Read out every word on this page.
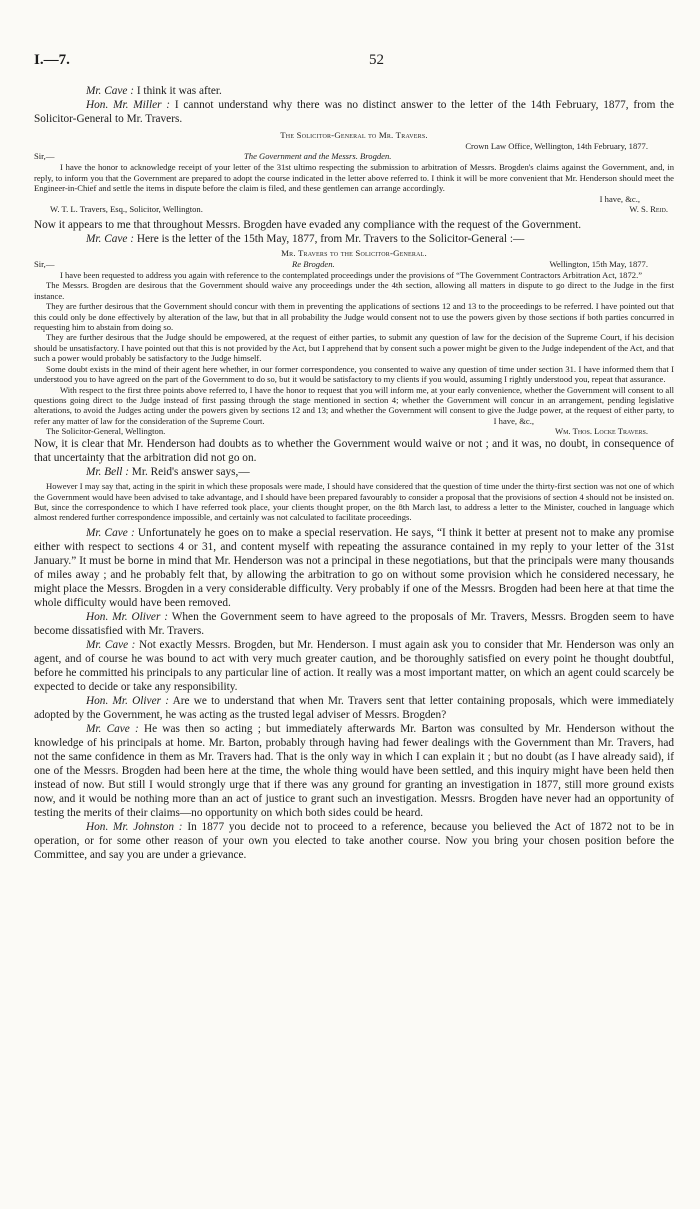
I.—7.	52

Mr. Cave : I think it was after.

Hon. Mr. Miller : I cannot understand why there was no distinct answer to the letter of the 14th February, 1877, from the Solicitor-General to Mr. Travers.

The Solicitor-General to Mr. Travers.

Crown Law Office, Wellington, 14th February, 1877.

Sir,—	The Government and the Messrs. Brogden.

I have the honor to acknowledge receipt of your letter of the 31st ultimo respecting the submission to arbitration of Messrs. Brogden's claims against the Government, and, in reply, to inform you that the Government are prepared to adopt the course indicated in the letter above referred to. I think it will be more convenient that Mr. Henderson should meet the Engineer-in-Chief and settle the items in dispute before the claim is filed, and these gentlemen can arrange accordingly.

I have, &c.,

W. T. L. Travers, Esq., Solicitor, Wellington.	W. S. Reid.

Now it appears to me that throughout Messrs. Brogden have evaded any compliance with the request of the Government.

Mr. Cave : Here is the letter of the 15th May, 1877, from Mr. Travers to the Solicitor-General :—

Mr. Travers to the Solicitor-General.

Sir,—	Re Brogden.	Wellington, 15th May, 1877.

I have been requested to address you again with reference to the contemplated proceedings under the provisions of “The Government Contractors Arbitration Act, 1872.”

The Messrs. Brogden are desirous that the Government should waive any proceedings under the 4th section, allowing all matters in dispute to go direct to the Judge in the first instance.

They are further desirous that the Government should concur with them in preventing the applications of sections 12 and 13 to the proceedings to be referred. I have pointed out that this could only be done effectively by alteration of the law, but that in all probability the Judge would consent not to use the powers given by those sections if both parties concurred in requesting him to abstain from doing so.

They are further desirous that the Judge should be empowered, at the request of either parties, to submit any question of law for the decision of the Supreme Court, if his decision should be unsatisfactory. I have pointed out that this is not provided by the Act, but I apprehend that by consent such a power might be given to the Judge independent of the Act, and that such a power would probably be satisfactory to the Judge himself.

Some doubt exists in the mind of their agent here whether, in our former correspondence, you consented to waive any question of time under section 31. I have informed them that I understood you to have agreed on the part of the Government to do so, but it would be satisfactory to my clients if you would, assuming I rightly understood you, repeat that assurance.

With respect to the first three points above referred to, I have the honor to request that you will inform me, at your early convenience, whether the Government will consent to all questions going direct to the Judge instead of first passing through the stage mentioned in section 4; whether the Government will concur in an arrangement, pending legislative alterations, to avoid the Judges acting under the powers given by sections 12 and 13; and whether the Government will consent to give the Judge power, at the request of either party, to refer any matter of law for the consideration of the Supreme Court.	I have, &c.,

The Solicitor-General, Wellington.	Wm. Thos. Locke Travers.

Now, it is clear that Mr. Henderson had doubts as to whether the Government would waive or not ; and it was, no doubt, in consequence of that uncertainty that the arbitration did not go on.

Mr. Bell : Mr. Reid's answer says,—

However I may say that, acting in the spirit in which these proposals were made, I should have considered that the question of time under the thirty-first section was not one of which the Government would have been advised to take advantage, and I should have been prepared favourably to consider a proposal that the provisions of section 4 should not be insisted on. But, since the correspondence to which I have referred took place, your clients thought proper, on the 8th March last, to address a letter to the Minister, couched in language which almost rendered further correspondence impossible, and certainly was not calculated to facilitate proceedings.

Mr. Cave : Unfortunately he goes on to make a special reservation. He says, “I think it better at present not to make any promise either with respect to sections 4 or 31, and content myself with repeating the assurance contained in my reply to your letter of the 31st January.” It must be borne in mind that Mr. Henderson was not a principal in these negotiations, but that the principals were many thousands of miles away ; and he probably felt that, by allowing the arbitration to go on without some provision which he considered necessary, he might place the Messrs. Brogden in a very considerable difficulty. Very probably if one of the Messrs. Brogden had been here at that time the whole difficulty would have been removed.

Hon. Mr. Oliver : When the Government seem to have agreed to the proposals of Mr. Travers, Messrs. Brogden seem to have become dissatisfied with Mr. Travers.

Mr. Cave : Not exactly Messrs. Brogden, but Mr. Henderson. I must again ask you to consider that Mr. Henderson was only an agent, and of course he was bound to act with very much greater caution, and be thoroughly satisfied on every point he thought doubtful, before he committed his principals to any particular line of action. It really was a most important matter, on which an agent could scarcely be expected to decide or take any responsibility.

Hon. Mr. Oliver : Are we to understand that when Mr. Travers sent that letter containing proposals, which were immediately adopted by the Government, he was acting as the trusted legal adviser of Messrs. Brogden?

Mr. Cave : He was then so acting ; but immediately afterwards Mr. Barton was consulted by Mr. Henderson without the knowledge of his principals at home. Mr. Barton, probably through having had fewer dealings with the Government than Mr. Travers, had not the same confidence in them as Mr. Travers had. That is the only way in which I can explain it ; but no doubt (as I have already said), if one of the Messrs. Brogden had been here at the time, the whole thing would have been settled, and this inquiry might have been held then instead of now. But still I would strongly urge that if there was any ground for granting an investigation in 1877, still more ground exists now, and it would be nothing more than an act of justice to grant such an investigation. Messrs. Brogden have never had an opportunity of testing the merits of their claims—no opportunity on which both sides could be heard.

Hon. Mr. Johnston : In 1877 you decide not to proceed to a reference, because you believed the Act of 1872 not to be in operation, or for some other reason of your own you elected to take another course. Now you bring your chosen position before the Committee, and say you are under a grievance.
